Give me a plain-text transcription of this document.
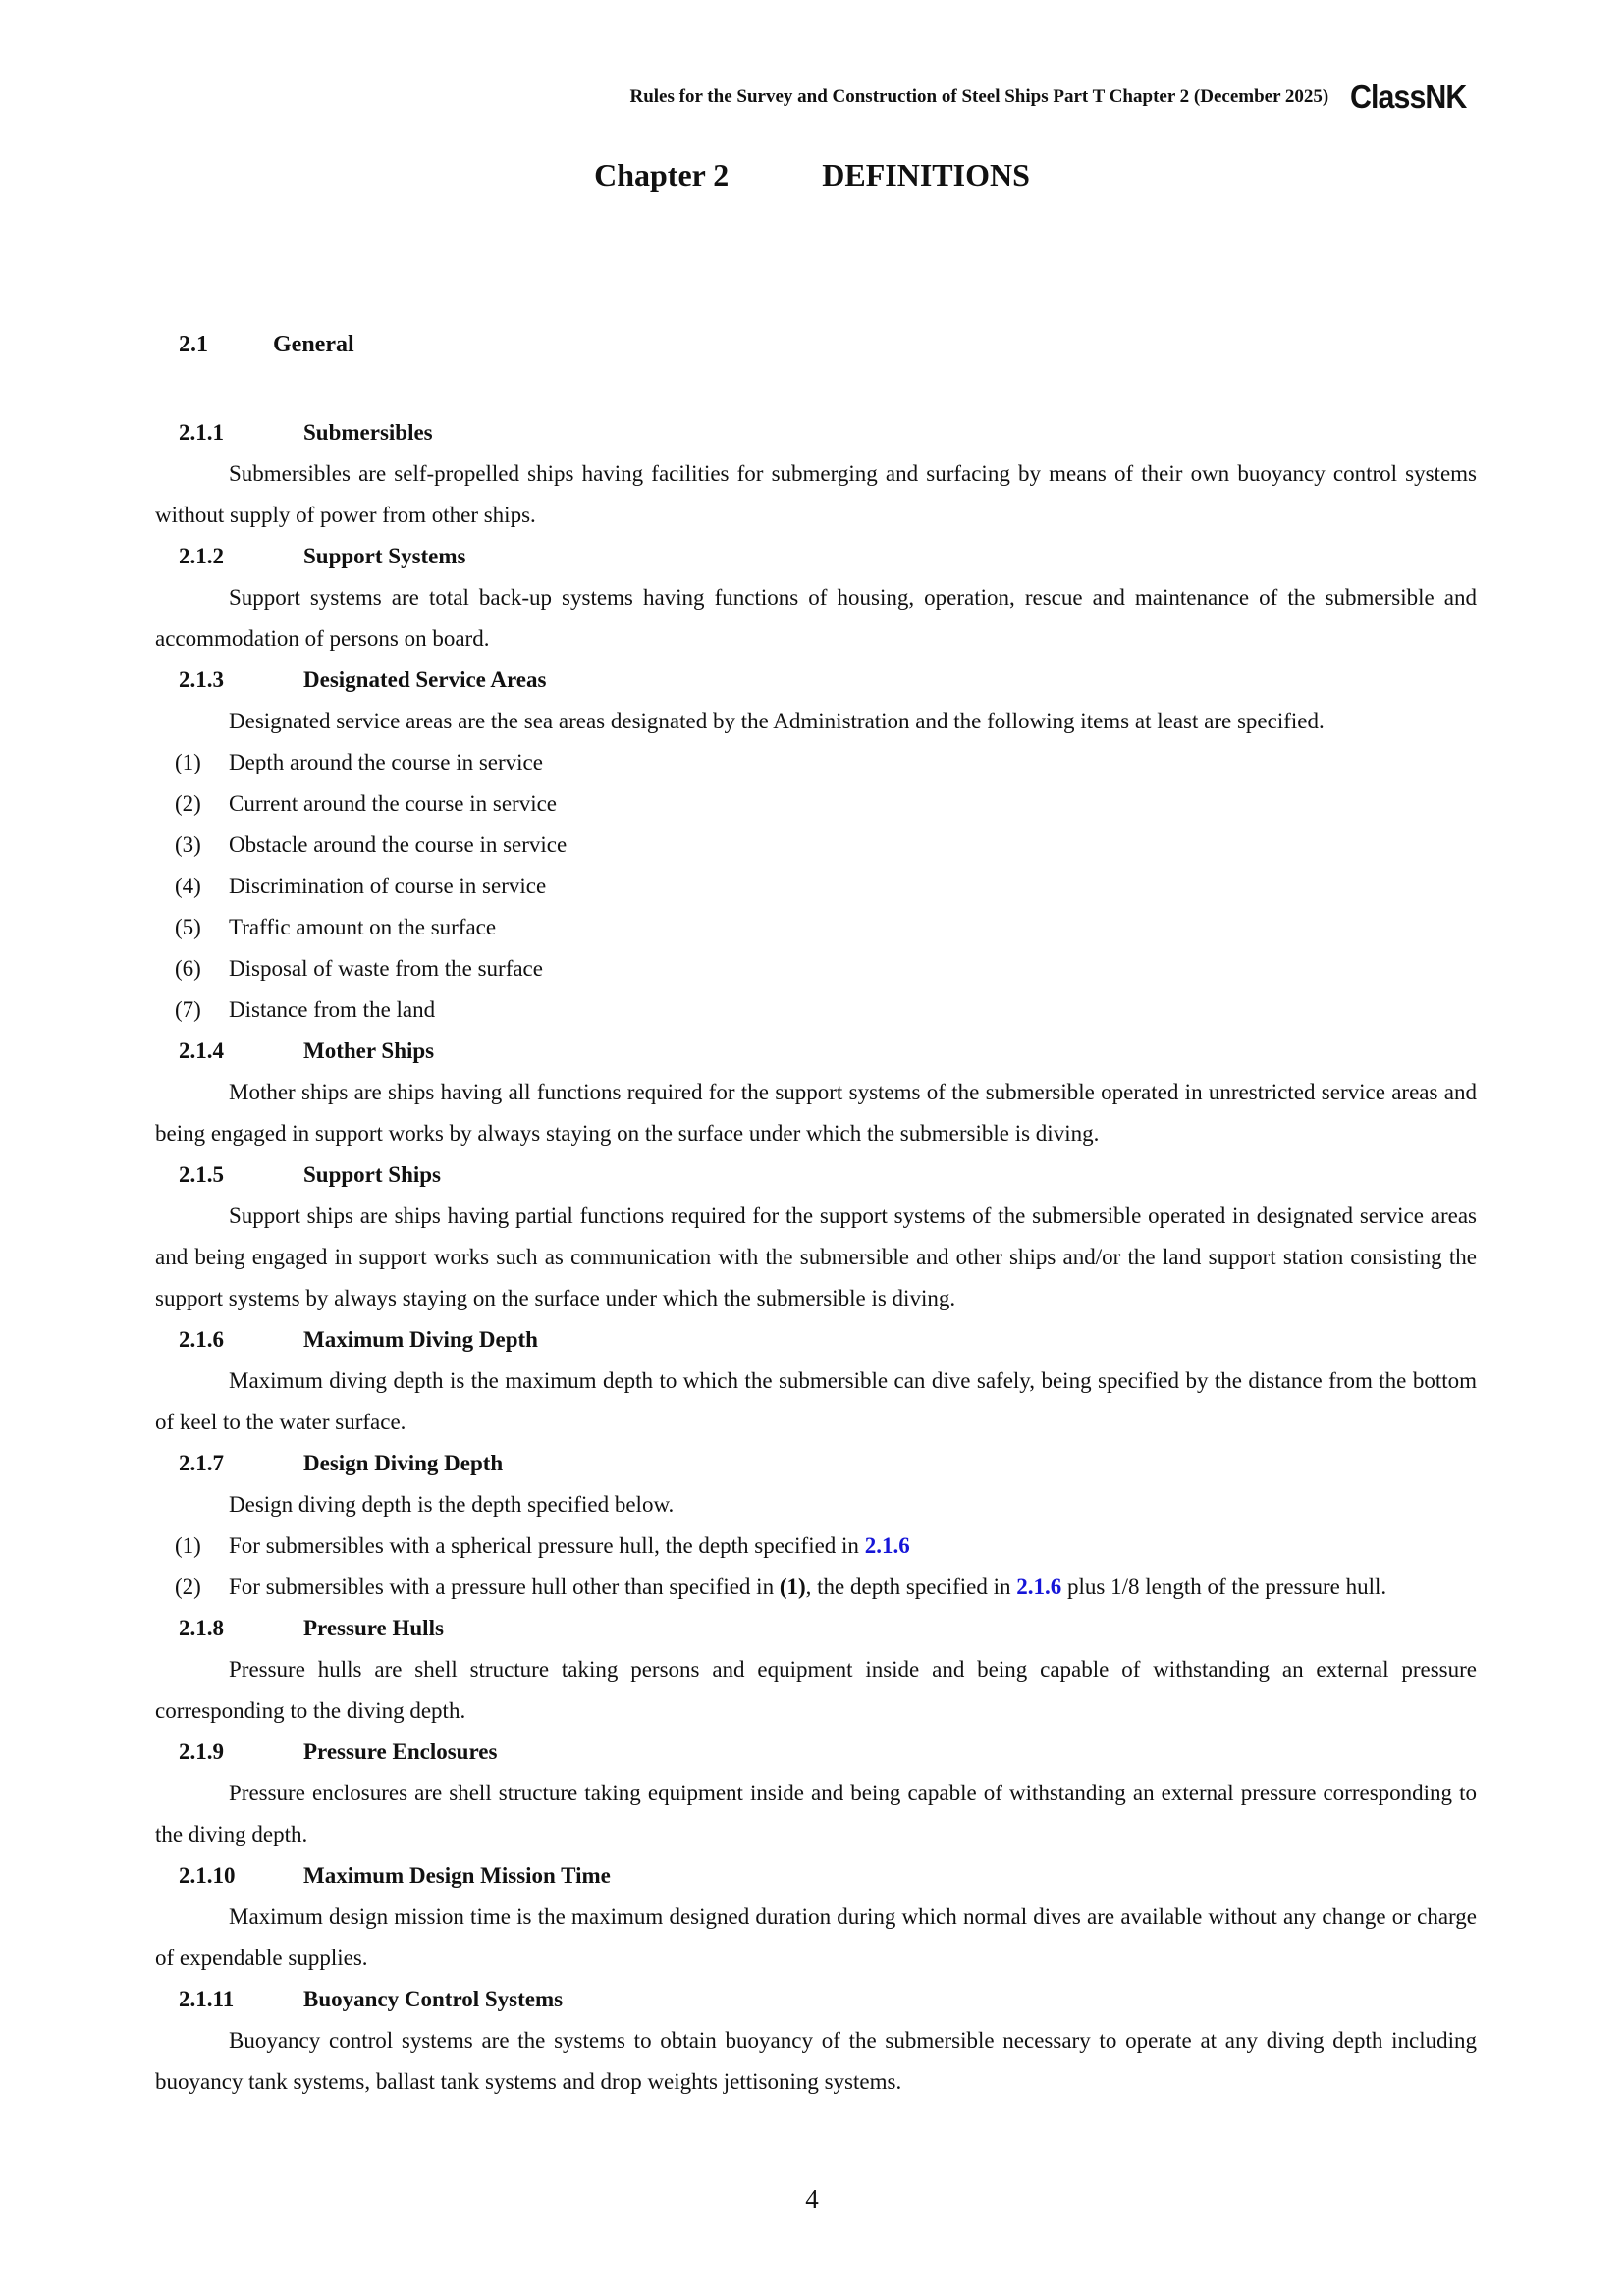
Rules for the Survey and Construction of Steel Ships Part T Chapter 2 (December 2025) ClassNK
Chapter 2	DEFINITIONS
2.1	General

2.1.1	Submersibles

Submersibles are self-propelled ships having facilities for submerging and surfacing by means of their own buoyancy control systems without supply of power from other ships.

2.1.2	Support Systems

Support systems are total back-up systems having functions of housing, operation, rescue and maintenance of the submersible and accommodation of persons on board.

2.1.3	Designated Service Areas

Designated service areas are the sea areas designated by the Administration and the following items at least are specified.

(1)	Depth around the course in service

(2)	Current around the course in service

(3)	Obstacle around the course in service

(4)	Discrimination of course in service

(5)	Traffic amount on the surface

(6)	Disposal of waste from the surface

(7)	Distance from the land

2.1.4	Mother Ships

Mother ships are ships having all functions required for the support systems of the submersible operated in unrestricted service areas and being engaged in support works by always staying on the surface under which the submersible is diving.

2.1.5	Support Ships

Support ships are ships having partial functions required for the support systems of the submersible operated in designated service areas and being engaged in support works such as communication with the submersible and other ships and/or the land support station consisting the support systems by always staying on the surface under which the submersible is diving.

2.1.6	Maximum Diving Depth

Maximum diving depth is the maximum depth to which the submersible can dive safely, being specified by the distance from the bottom of keel to the water surface.

2.1.7	Design Diving Depth

Design diving depth is the depth specified below.

(1)	For submersibles with a spherical pressure hull, the depth specified in 2.1.6

(2)	For submersibles with a pressure hull other than specified in (1), the depth specified in 2.1.6 plus 1/8 length of the pressure hull.

2.1.8	Pressure Hulls

Pressure hulls are shell structure taking persons and equipment inside and being capable of withstanding an external pressure corresponding to the diving depth.

2.1.9	Pressure Enclosures

Pressure enclosures are shell structure taking equipment inside and being capable of withstanding an external pressure corresponding to the diving depth.

2.1.10	Maximum Design Mission Time

Maximum design mission time is the maximum designed duration during which normal dives are available without any change or charge of expendable supplies.

2.1.11	Buoyancy Control Systems

Buoyancy control systems are the systems to obtain buoyancy of the submersible necessary to operate at any diving depth including buoyancy tank systems, ballast tank systems and drop weights jettisoning systems.

4
